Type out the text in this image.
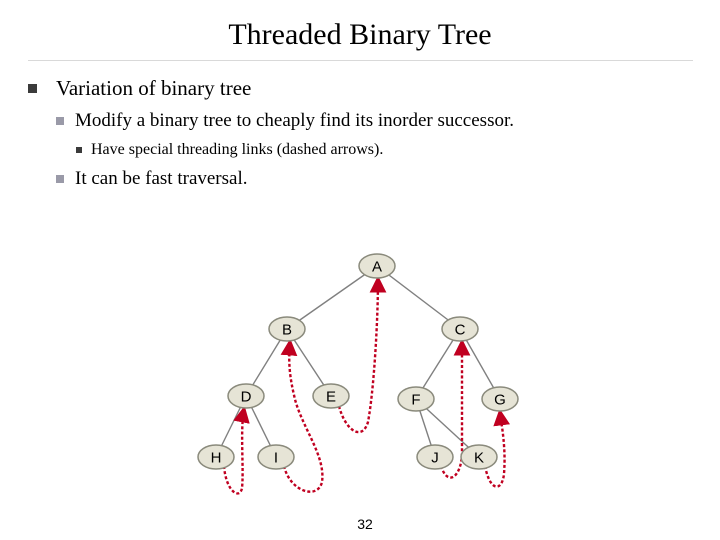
Threaded Binary Tree
Variation of binary tree
Modify a binary tree to cheaply find its inorder successor.
Have special threading links (dashed arrows).
It can be fast traversal.
A
B	C
D	E	F	G
H	I	J K
32
